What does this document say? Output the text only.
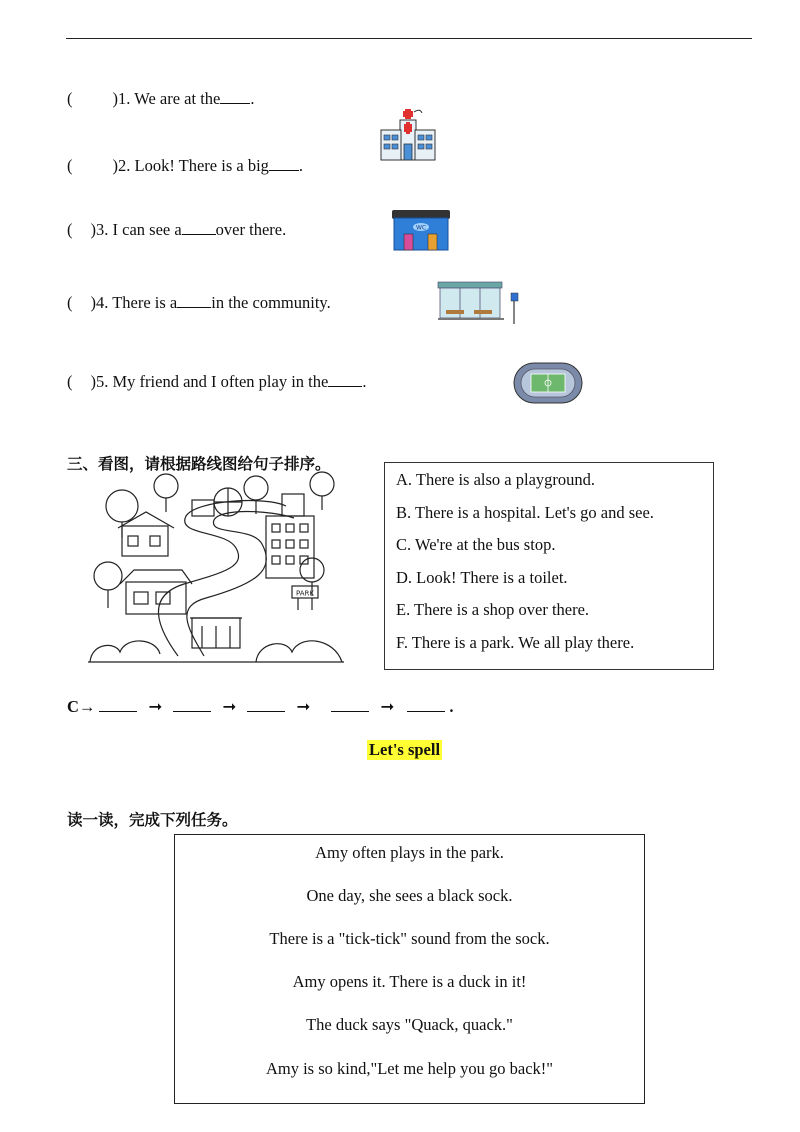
( )1. We are at the .
( )2. Look! There is a big .
( )3. I can see a over there.
( )4. There is a in the community.
( )5. My friend and I often play in the .
WC
三、看图，请根据路线图给句子排序。
PARK
A. There is also a playground.
B. There is a hospital. Let's go and see.
C. We're at the bus stop.
D. Look! There is a toilet.
E. There is a shop over there.
F. There is a park. We all play there.
C→	➞	➞	➞	➞	.
Let's spell
读一读，完成下列任务。
Amy often plays in the park.
One day, she sees a black sock.
There is a "tick-tick" sound from the sock.
Amy opens it. There is a duck in it!
The duck says "Quack, quack."
Amy is so kind,"Let me help you go back!"
